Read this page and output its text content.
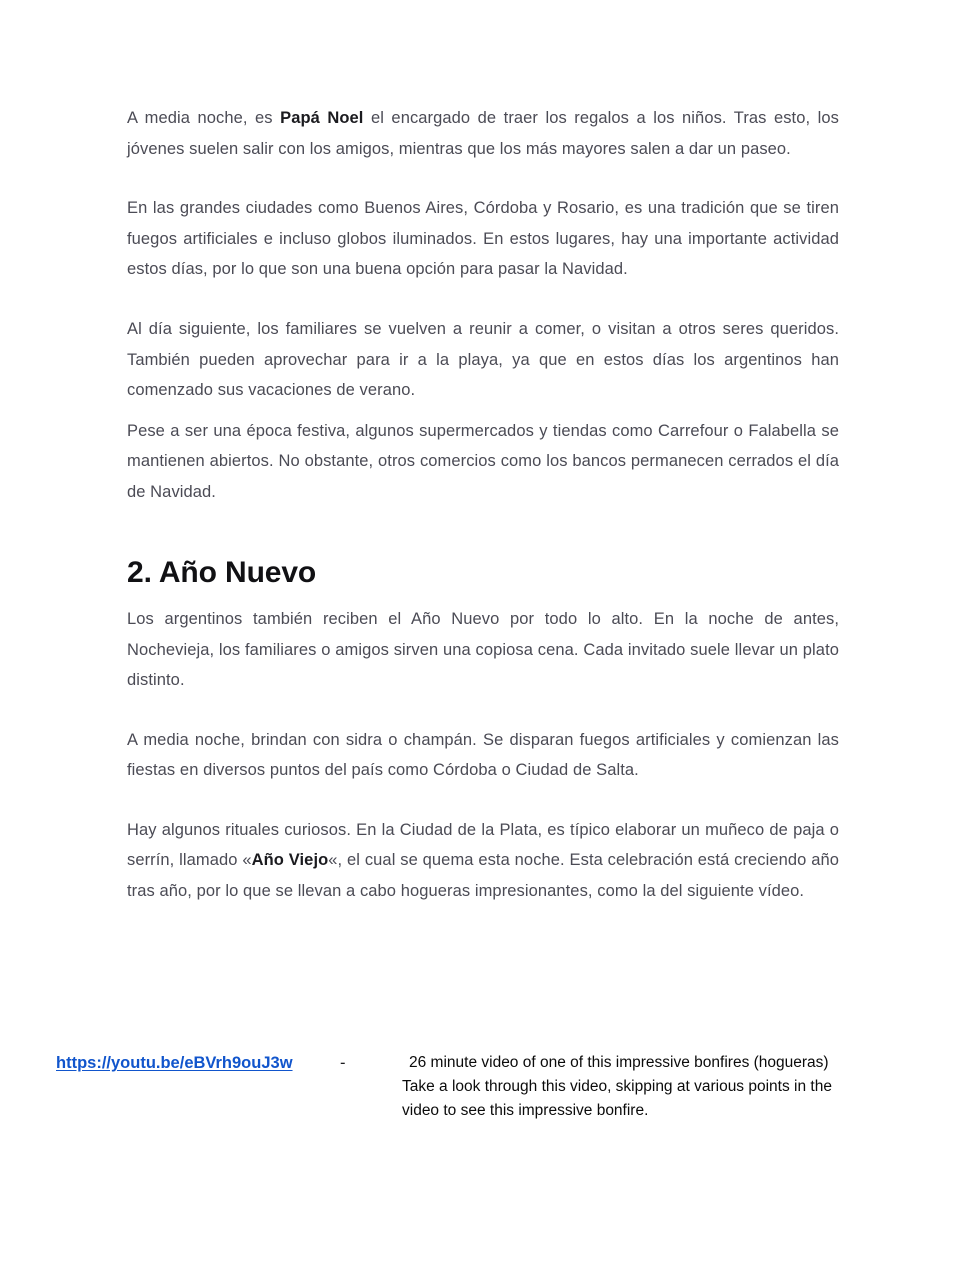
A media noche, es Papá Noel el encargado de traer los regalos a los niños. Tras esto, los jóvenes suelen salir con los amigos, mientras que los más mayores salen a dar un paseo.

En las grandes ciudades como Buenos Aires, Córdoba y Rosario, es una tradición que se tiren fuegos artificiales e incluso globos iluminados. En estos lugares, hay una importante actividad estos días, por lo que son una buena opción para pasar la Navidad.

Al día siguiente, los familiares se vuelven a reunir a comer, o visitan a otros seres queridos. También pueden aprovechar para ir a la playa, ya que en estos días los argentinos han comenzado sus vacaciones de verano.

Pese a ser una época festiva, algunos supermercados y tiendas como Carrefour o Falabella se mantienen abiertos. No obstante, otros comercios como los bancos permanecen cerrados el día de Navidad.

2. Año Nuevo

Los argentinos también reciben el Año Nuevo por todo lo alto. En la noche de antes, Nochevieja, los familiares o amigos sirven una copiosa cena. Cada invitado suele llevar un plato distinto.

A media noche, brindan con sidra o champán. Se disparan fuegos artificiales y comienzan las fiestas en diversos puntos del país como Córdoba o Ciudad de Salta.

Hay algunos rituales curiosos. En la Ciudad de la Plata, es típico elaborar un muñeco de paja o serrín, llamado «Año Viejo«, el cual se quema esta noche. Esta celebración está creciendo año tras año, por lo que se llevan a cabo hogueras impresionantes, como la del siguiente vídeo.

https://youtu.be/eBVrh9ouJ3w	-	26 minute video of one of this impressive bonfires (hogueras)
Take a look through this video, skipping at various points in the
video to see this impressive bonfire.
